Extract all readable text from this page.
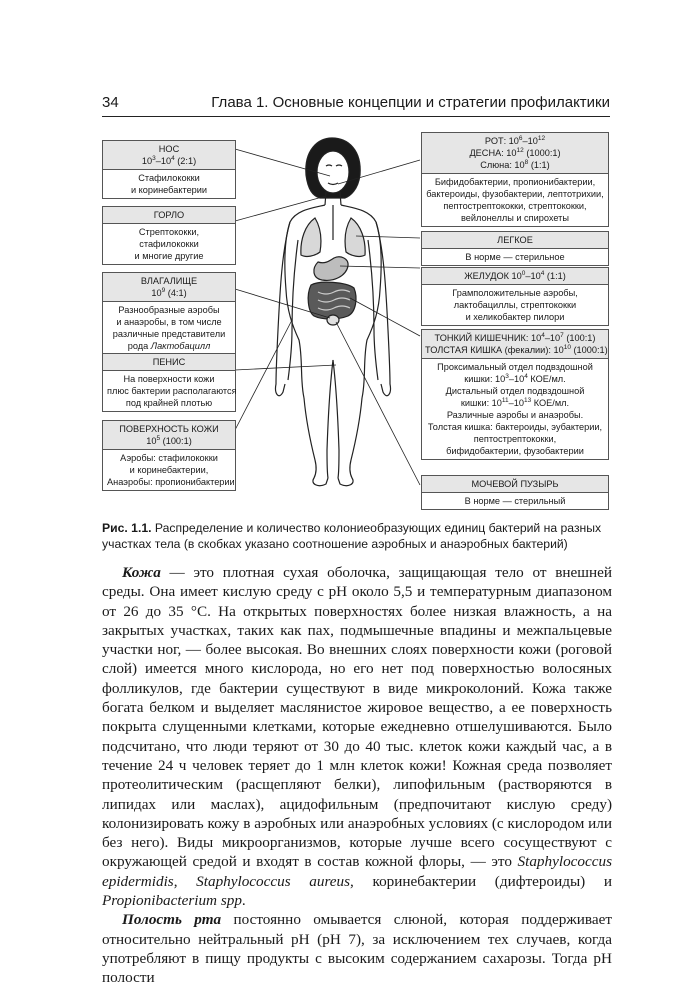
34	Глава 1. Основные концепции и стратегии профилактики
НОС
$10^3-10^4$ (2:1)
Стафилококки
и коринебактерии
ГОРЛО
Стрептококки,
стафилококки
и многие другие
ВЛАГАЛИЩЕ
$10^9$ (4:1)
Разнообразные аэробы
и анаэробы, в том числе
различные представители
рода Лактобацилл
ПЕНИС
На поверхности кожи
плюс бактерии располагаются
под крайней плотью
ПОВЕРХНОСТЬ КОЖИ
$10^5$ (100:1)
Аэробы: стафилококки
и коринебактерии,
Анаэробы: пропионибактерии
РОТ: $10^6-10^{12}$
ДЕСНА: $10^{12}$ (1000:1)
Слюна: $10^8$ (1:1)
Бифидобактерии, пропионибактерии,
бактероиды, фузобактерии, лептотрихии,
пептострептококки, стрептококки,
вейлонеллы и спирохеты
ЛЕГКОЕ
В норме — стерильное
ЖЕЛУДОК $10^0-10^4$ (1:1)
Грамположительные аэробы,
лактобациллы, стрептококки
и хеликобактер пилори
ТОНКИЙ КИШЕЧНИК: $10^4-10^7$ (100:1)
ТОЛСТАЯ КИШКА (фекалии): $10^{10}$ (1000:1)
Проксимальный отдел подвздошной
кишки: $10^3-10^4$ КОЕ/мл.
Дистальный отдел подвздошной
кишки: $10^{11}-10^{13}$ КОЕ/мл.
Различные аэробы и анаэробы.
Толстая кишка: бактероиды, эубактерии,
пептострептококки,
бифидобактерии, фузобактерии
МОЧЕВОЙ ПУЗЫРЬ
В норме — стерильный
Рис. 1.1. Распределение и количество колониеобразующих единиц бактерий на разных участках тела (в скобках указано соотношение аэробных и анаэробных бактерий)

Кожа — это плотная сухая оболочка, защищающая тело от внешней среды. Она имеет кислую среду с pH около 5,5 и температурным диапазоном от 26 до 35 °C. На открытых поверхностях более низкая влажность, а на закрытых участках, таких как пах, подмышечные впадины и межпальцевые участки ног, — более высокая. Во внешних слоях поверхности кожи (роговой слой) имеется много кислорода, но его нет под поверхностью волосяных фолликулов, где бактерии существуют в виде микроколоний. Кожа также богата белком и выделяет маслянистое жировое вещество, а ее поверхность покрыта слущенными клетками, которые ежедневно отшелушиваются. Было подсчитано, что люди теряют от 30 до 40 тыс. клеток кожи каждый час, а в течение 24 ч человек теряет до 1 млн клеток кожи! Кожная среда позволяет протеолитическим (расщепляют белки), липофильным (растворяются в липидах или маслах), ацидофильным (предпочитают кислую среду) колонизировать кожу в аэробных или анаэробных условиях (с кислородом или без него). Виды микроорганизмов, которые лучше всего сосуществуют с окружающей средой и входят в состав кожной флоры, — это Staphylococcus epidermidis, Staphylococcus aureus, коринебактерии (дифтероиды) и Propionibacterium spp.

Полость рта постоянно омывается слюной, которая поддерживает относительно нейтральный pH (pH 7), за исключением тех случаев, когда употребляют в пищу продукты с высоким содержанием сахарозы. Тогда pH полости
